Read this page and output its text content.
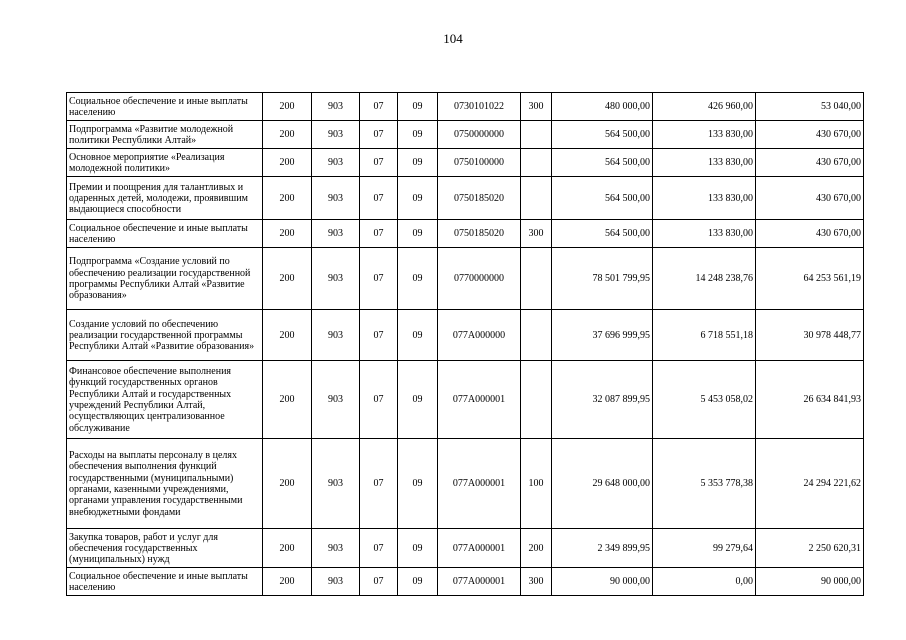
104
Социальное обеспечение и иные выплаты населению	200	903	07	09	0730101022	300	480 000,00	426 960,00	53 040,00
Подпрограмма «Развитие молодежной политики Республики Алтай»	200	903	07	09	0750000000		564 500,00	133 830,00	430 670,00
Основное мероприятие «Реализация молодежной политики»	200	903	07	09	0750100000		564 500,00	133 830,00	430 670,00
Премии и поощрения для талантливых и одаренных детей, молодежи, проявившим выдающиеся способности	200	903	07	09	0750185020		564 500,00	133 830,00	430 670,00
Социальное обеспечение и иные выплаты населению	200	903	07	09	0750185020	300	564 500,00	133 830,00	430 670,00
Подпрограмма «Создание условий по обеспечению реализации государственной программы Республики Алтай «Развитие образования»	200	903	07	09	0770000000		78 501 799,95	14 248 238,76	64 253 561,19
Создание условий по обеспечению реализации государственной программы Республики Алтай «Развитие образования»	200	903	07	09	077А000000		37 696 999,95	6 718 551,18	30 978 448,77
Финансовое обеспечение выполнения функций государственных органов Республики Алтай и государственных учреждений Республики Алтай, осуществляющих централизованное обслуживание	200	903	07	09	077А000001		32 087 899,95	5 453 058,02	26 634 841,93
Расходы на выплаты персоналу в целях обеспечения выполнения функций государственными (муниципальными) органами, казенными учреждениями, органами управления государственными внебюджетными фондами	200	903	07	09	077А000001	100	29 648 000,00	5 353 778,38	24 294 221,62
Закупка товаров, работ и услуг для обеспечения государственных (муниципальных) нужд	200	903	07	09	077А000001	200	2 349 899,95	99 279,64	2 250 620,31
Социальное обеспечение и иные выплаты населению	200	903	07	09	077А000001	300	90 000,00	0,00	90 000,00
